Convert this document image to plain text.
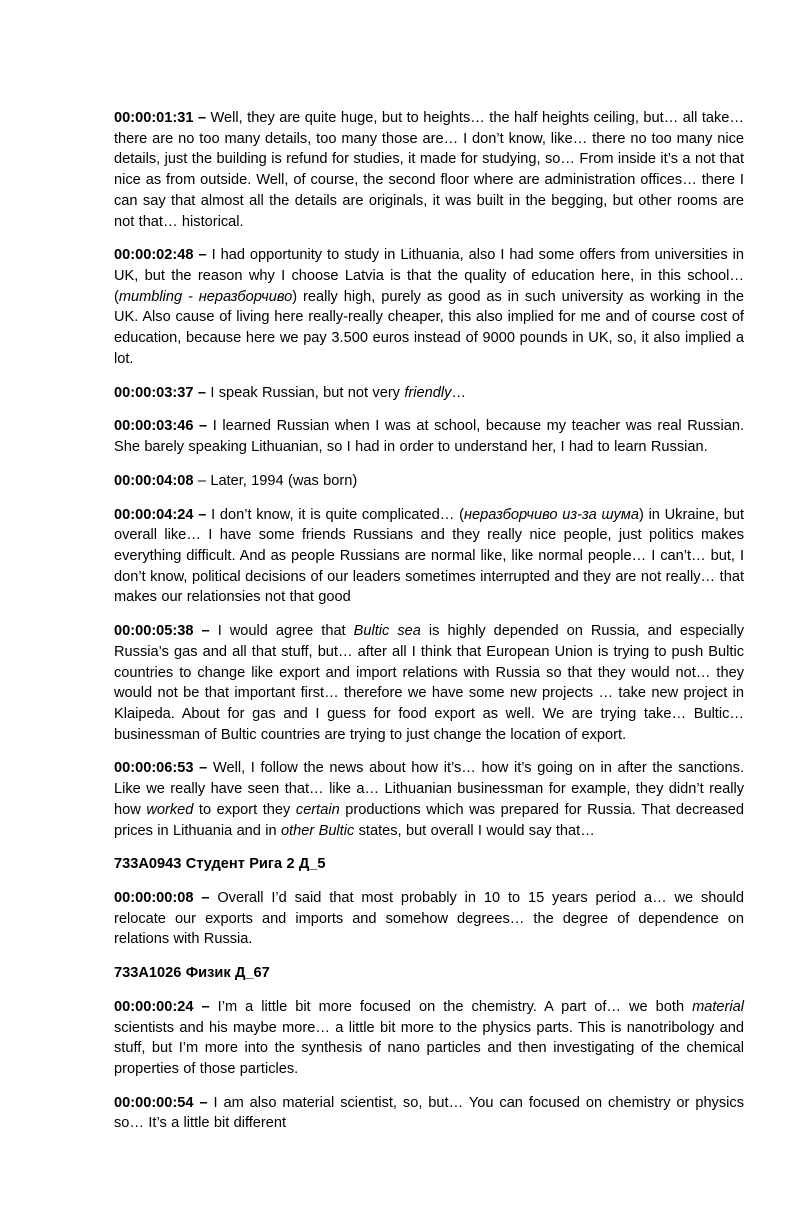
00:00:01:31 – Well, they are quite huge, but to heights… the half heights ceiling, but… all take… there are no too many details, too many those are… I don’t know, like… there no too many nice details, just the building is refund for studies, it made for studying, so… From inside it’s a not that nice as from outside. Well, of course, the second floor where are administration offices… there I can say that almost all the details are originals, it was built in the begging, but other rooms are not that… historical.

00:00:02:48 – I had opportunity to study in Lithuania, also I had some offers from universities in UK, but the reason why I choose Latvia is that the quality of education here, in this school… (mumbling - неразборчиво) really high, purely as good as in such university as working in the UK. Also cause of living here really-really cheaper, this also implied for me and of course cost of education, because here we pay 3.500 euros instead of 9000 pounds in UK, so, it also implied a lot.

00:00:03:37 – I speak Russian, but not very friendly…

00:00:03:46 – I learned Russian when I was at school, because my teacher was real Russian. She barely speaking Lithuanian, so I had in order to understand her, I had to learn Russian.

00:00:04:08 – Later, 1994 (was born)

00:00:04:24 – I don’t know, it is quite complicated… (неразборчиво из-за шума) in Ukraine, but overall like… I have some friends Russians and they really nice people, just politics makes everything difficult. And as people Russians are normal like, like normal people… I can’t… but, I don’t know, political decisions of our leaders sometimes interrupted and they are not really… that makes our relationsies not that good

00:00:05:38 – I would agree that Bultic sea is highly depended on Russia, and especially Russia’s gas and all that stuff, but… after all I think that European Union is trying to push Bultic countries to change like export and import relations with Russia so that they would not… they would not be that important first… therefore we have some new projects … take new project in Klaipeda. About for gas and I guess for food export as well. We are trying take… Bultic… businessman of Bultic countries are trying to just change the location of export.

00:00:06:53 – Well, I follow the news about how it’s… how it’s going on in after the sanctions. Like we really have seen that… like a… Lithuanian businessman for example, they didn’t really how worked to export they certain productions which was prepared for Russia. That decreased prices in Lithuania and in other Bultic states, but overall I would say that…

733А0943 Студент Рига 2 Д_5

00:00:00:08 – Overall I’d said that most probably in 10 to 15 years period a… we should relocate our exports and imports and somehow degrees… the degree of dependence on relations with Russia.

733А1026 Физик Д_67

00:00:00:24 – I’m a little bit more focused on the chemistry. A part of… we both material scientists and his maybe more… a little bit more to the physics parts. This is nanotribology and stuff, but I’m more into the synthesis of nano particles and then investigating of the chemical properties of those particles.

00:00:00:54 – I am also material scientist, so, but… You can focused on chemistry or physics so… It’s a little bit different
